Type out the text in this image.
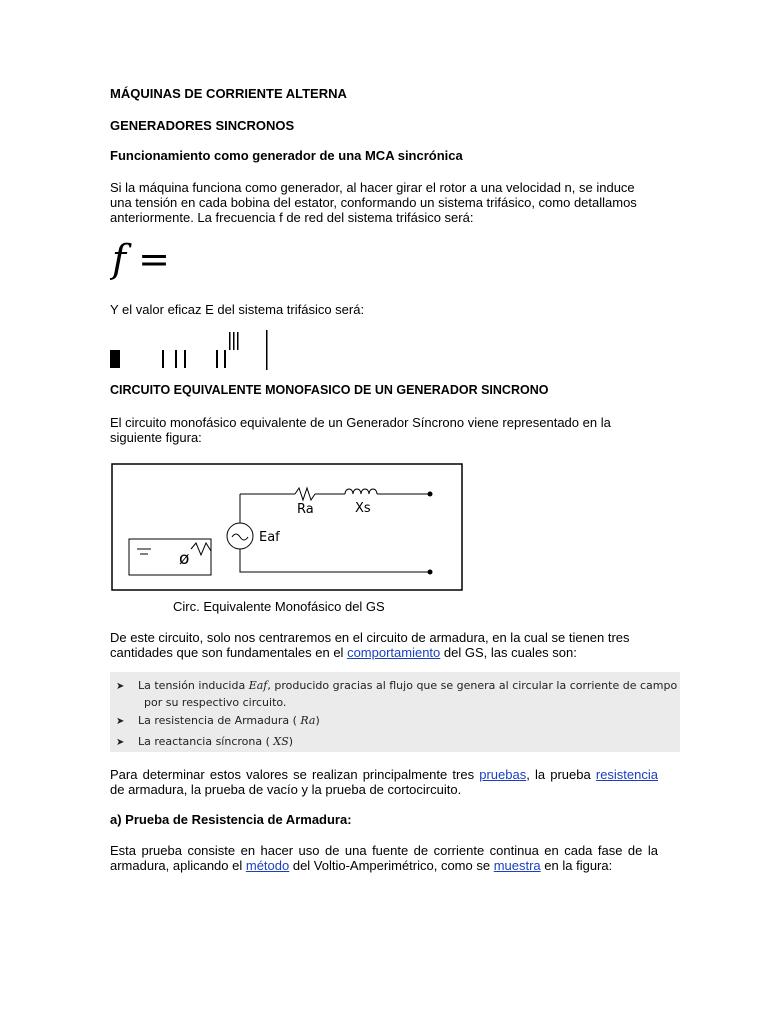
MÁQUINAS DE CORRIENTE ALTERNA
GENERADORES SINCRONOS
Funcionamiento como generador de una MCA sincrónica
Si la máquina funciona como generador, al hacer girar el rotor a una velocidad n, se induce una tensión en cada bobina del estator, conformando un sistema trifásico, como detallamos anteriormente. La frecuencia f de red del sistema trifásico será:
f =
Y el valor eficaz E del sistema trifásico será:
CIRCUITO EQUIVALENTE MONOFASICO DE UN GENERADOR SINCRONO
El circuito monofásico equivalente de un Generador Síncrono viene representado en la siguiente figura:
Ra	Xs
Eaf
ø
Circ. Equivalente Monofásico del GS
De este circuito, solo nos centraremos en el circuito de armadura, en la cual se tienen tres cantidades que son fundamentales en el comportamiento del GS, las cuales son:
➤ La tensión inducida Eaf, producido gracias al flujo que se genera al circular la corriente de campo
por su respectivo circuito.
➤ La resistencia de Armadura ( Ra)
➤ La reactancia síncrona ( XS)
Para determinar estos valores se realizan principalmente tres pruebas, la prueba resistencia de armadura, la prueba de vacío y la prueba de cortocircuito.
a) Prueba de Resistencia de Armadura:
Esta prueba consiste en hacer uso de una fuente de corriente continua en cada fase de la armadura, aplicando el método del Voltio-Amperimétrico, como se muestra en la figura:
